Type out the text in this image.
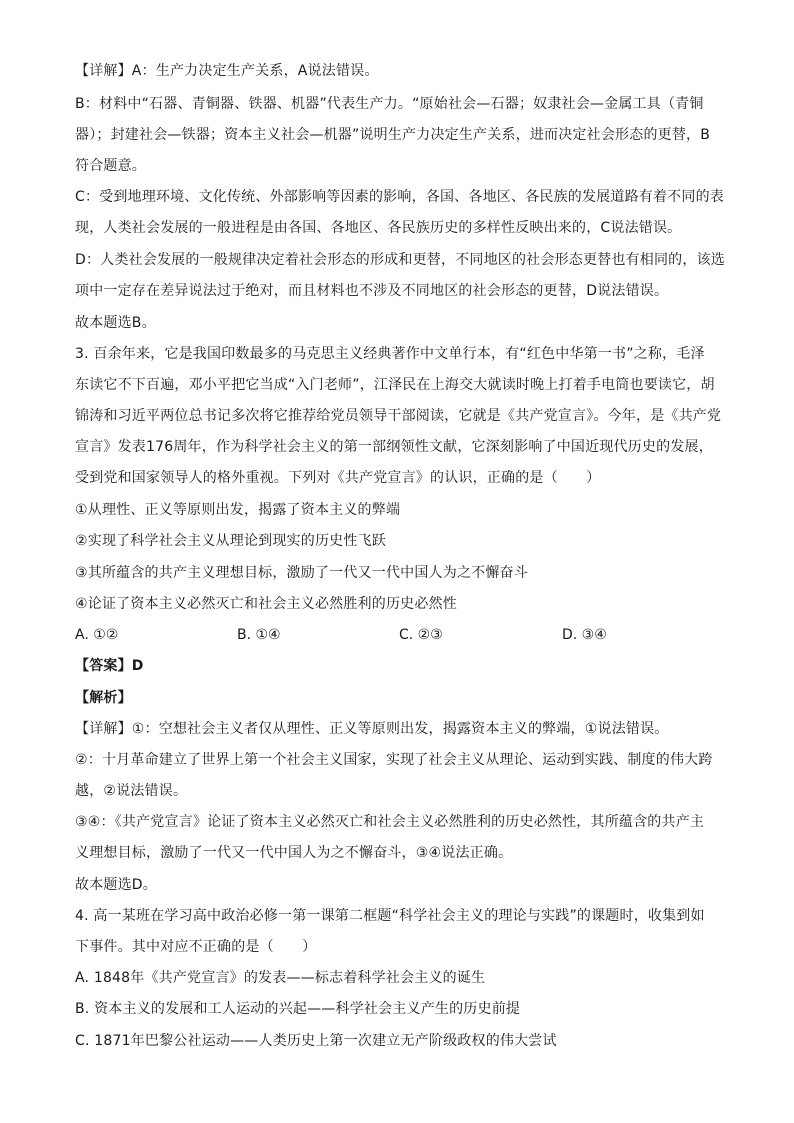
【详解】A：生产力决定生产关系，A说法错误。
B：材料中“石器、青铜器、铁器、机器”代表生产力。“原始社会—石器；奴隶社会—金属工具（青铜
器）；封建社会—铁器；资本主义社会—机器”说明生产力决定生产关系，进而决定社会形态的更替，B
符合题意。
C：受到地理环境、文化传统、外部影响等因素的影响，各国、各地区、各民族的发展道路有着不同的表
现，人类社会发展的一般进程是由各国、各地区、各民族历史的多样性反映出来的，C说法错误。
D：人类社会发展的一般规律决定着社会形态的形成和更替，不同地区的社会形态更替也有相同的，该选
项中一定存在差异说法过于绝对，而且材料也不涉及不同地区的社会形态的更替，D说法错误。
故本题选B。
3. 百余年来，它是我国印数最多的马克思主义经典著作中文单行本，有“红色中华第一书”之称，毛泽
东读它不下百遍，邓小平把它当成“入门老师”，江泽民在上海交大就读时晚上打着手电筒也要读它，胡
锦涛和习近平两位总书记多次将它推荐给党员领导干部阅读，它就是《共产党宣言》。今年，是《共产党
宣言》发表176周年，作为科学社会主义的第一部纲领性文献，它深刻影响了中国近现代历史的发展，
受到党和国家领导人的格外重视。下列对《共产党宣言》的认识，正确的是（　　）
①从理性、正义等原则出发，揭露了资本主义的弊端
②实现了科学社会主义从理论到现实的历史性飞跃
③其所蕴含的共产主义理想目标，激励了一代又一代中国人为之不懈奋斗
④论证了资本主义必然灭亡和社会主义必然胜利的历史必然性
A. ①②	B. ①④	C. ②③	D. ③④
【答案】D
【解析】
【详解】①：空想社会主义者仅从理性、正义等原则出发，揭露资本主义的弊端，①说法错误。
②：十月革命建立了世界上第一个社会主义国家，实现了社会主义从理论、运动到实践、制度的伟大跨
越，②说法错误。
③④：《共产党宣言》论证了资本主义必然灭亡和社会主义必然胜利的历史必然性，其所蕴含的共产主
义理想目标，激励了一代又一代中国人为之不懈奋斗，③④说法正确。
故本题选D。
4. 高一某班在学习高中政治必修一第一课第二框题“科学社会主义的理论与实践”的课题时，收集到如
下事件。其中对应不正确的是（　　）
A. 1848年《共产党宣言》的发表——标志着科学社会主义的诞生
B. 资本主义的发展和工人运动的兴起——科学社会主义产生的历史前提
C. 1871年巴黎公社运动——人类历史上第一次建立无产阶级政权的伟大尝试
